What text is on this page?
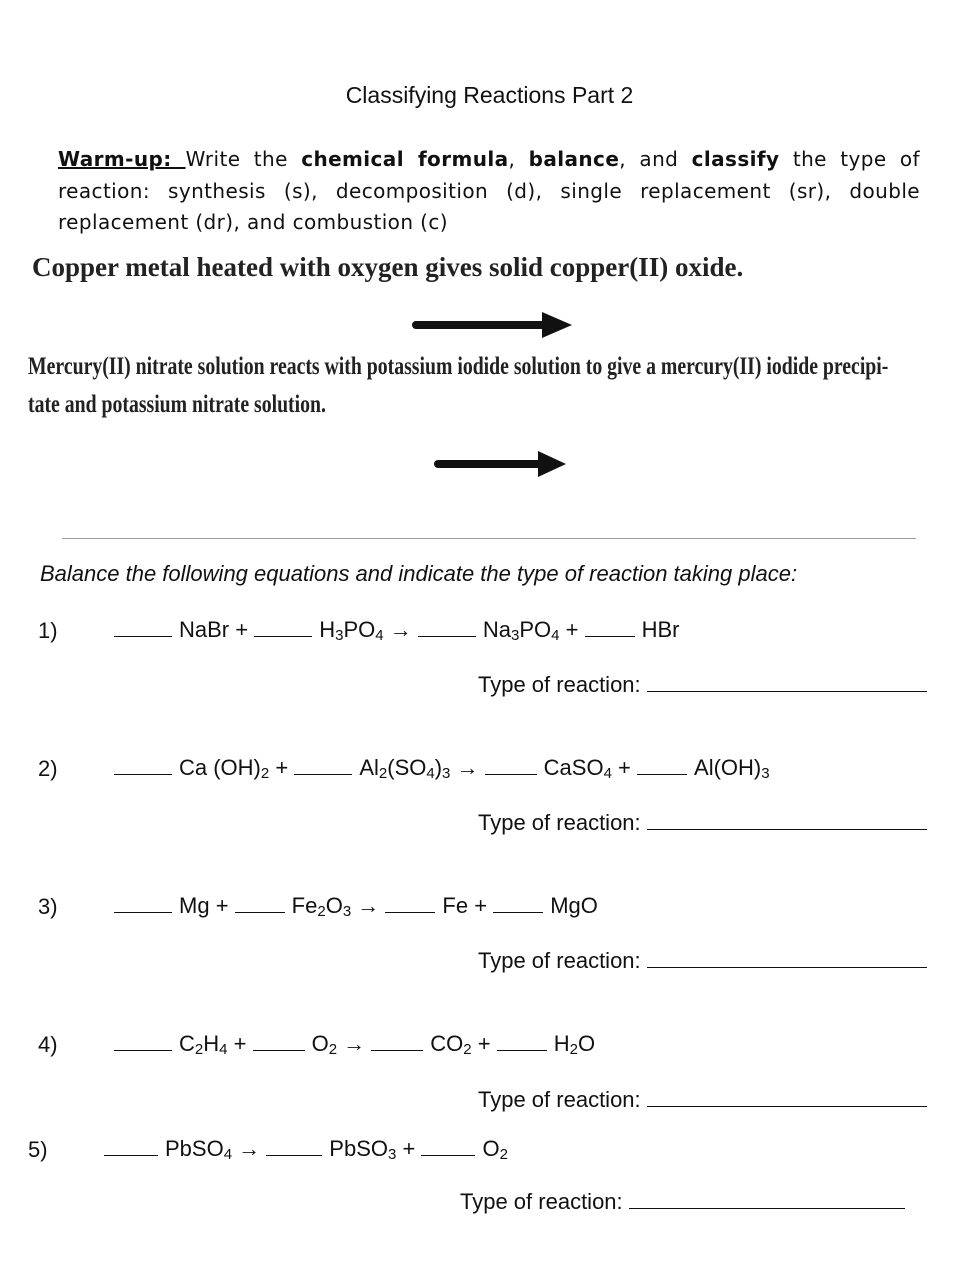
Classifying Reactions Part 2
Warm-up: Write the chemical formula, balance, and classify the type of reaction: synthesis (s), decomposition (d), single replacement (sr), double replacement (dr), and combustion (c)
Copper metal heated with oxygen gives solid copper(II) oxide.
Mercury(II) nitrate solution reacts with potassium iodide solution to give a mercury(II) iodide precipi-
tate and potassium nitrate solution.
Balance the following equations and indicate the type of reaction taking place:
1)	NaBr +	$H_3PO_4$ →	$Na_3PO_4$ +	HBr
Type of reaction:
2)	Ca $(OH)_2$ +	$Al_2(SO_4)_3$ →	CaSO$_4$ +	$Al(OH)_3$
Type of reaction:
3)	Mg +	$Fe_2O_3$ →	Fe +	MgO
Type of reaction:
4)	$C_2H_4$ +	$O_2$ →	$CO_2$ +	$H_2O$
Type of reaction:
5)	PbSO$_4$ →	PbSO$_3$ +	$O_2$
Type of reaction:
